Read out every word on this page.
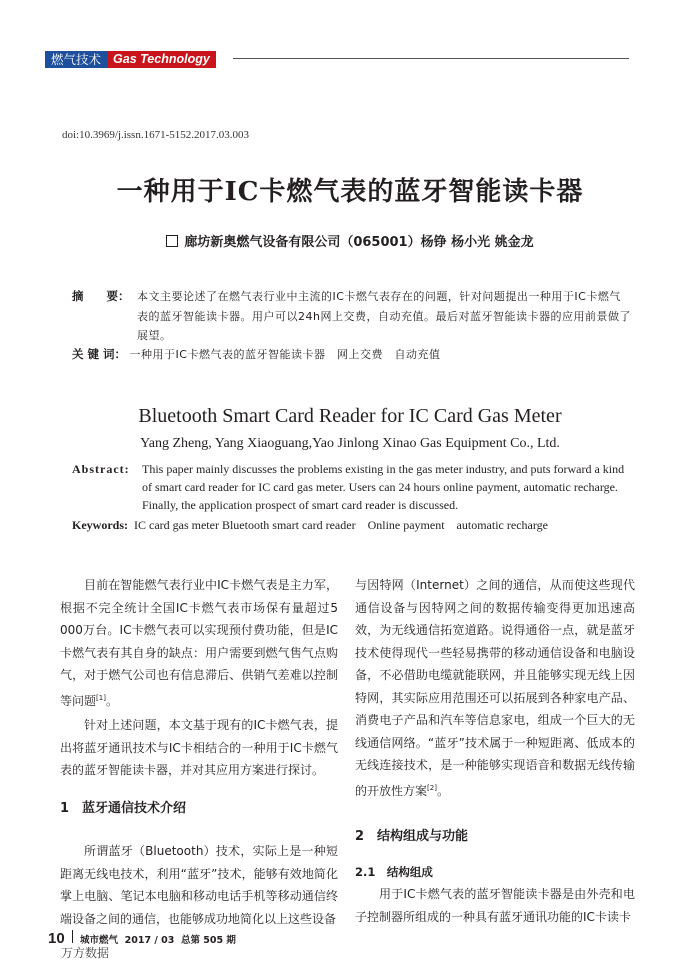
燃气技术 Gas Technology
doi:10.3969/j.issn.1671-5152.2017.03.003
一种用于IC卡燃气表的蓝牙智能读卡器
廊坊新奥燃气设备有限公司（065001）杨铮 杨小光 姚金龙
摘　　要： 本文主要论述了在燃气表行业中主流的IC卡燃气表存在的问题，针对问题提出一种用于IC卡燃气表的蓝牙智能读卡器。用户可以24h网上交费，自动充值。最后对蓝牙智能读卡器的应用前景做了展望。
关 键 词： 一种用于IC卡燃气表的蓝牙智能读卡器　网上交费　自动充值
Bluetooth Smart Card Reader for IC Card Gas Meter
Yang Zheng, Yang Xiaoguang,Yao Jinlong Xinao Gas Equipment Co., Ltd.
Abstract: This paper mainly discusses the problems existing in the gas meter industry, and puts forward a kind of smart card reader for IC card gas meter. Users can 24 hours online payment, automatic recharge. Finally, the application prospect of smart card reader is discussed.
Keywords: IC card gas meter Bluetooth smart card reader    Online payment    automatic recharge

目前在智能燃气表行业中IC卡燃气表是主力军，根据不完全统计全国IC卡燃气表市场保有量超过5 000万台。IC卡燃气表可以实现预付费功能，但是IC卡燃气表有其自身的缺点：用户需要到燃气售气点购气，对于燃气公司也有信息滞后、供销气差难以控制等问题[1]。

针对上述问题，本文基于现有的IC卡燃气表，提出将蓝牙通讯技术与IC卡相结合的一种用于IC卡燃气表的蓝牙智能读卡器，并对其应用方案进行探讨。

1　蓝牙通信技术介绍

所谓蓝牙（Bluetooth）技术，实际上是一种短距离无线电技术，利用“蓝牙”技术，能够有效地简化掌上电脑、笔记本电脑和移动电话手机等移动通信终端设备之间的通信，也能够成功地简化以上这些设备

与因特网（Internet）之间的通信，从而使这些现代通信设备与因特网之间的数据传输变得更加迅速高效，为无线通信拓宽道路。说得通俗一点，就是蓝牙技术使得现代一些轻易携带的移动通信设备和电脑设备，不必借助电缆就能联网，并且能够实现无线上因特网，其实际应用范围还可以拓展到各种家电产品、消费电子产品和汽车等信息家电，组成一个巨大的无线通信网络。“蓝牙”技术属于一种短距离、低成本的无线连接技术，是一种能够实现语音和数据无线传输的开放性方案[2]。

2　结构组成与功能
2.1　结构组成

用于IC卡燃气表的蓝牙智能读卡器是由外壳和电子控制器所组成的一种具有蓝牙通讯功能的IC卡读卡

10 城市燃气  2017 / 03  总第 505 期
万方数据
